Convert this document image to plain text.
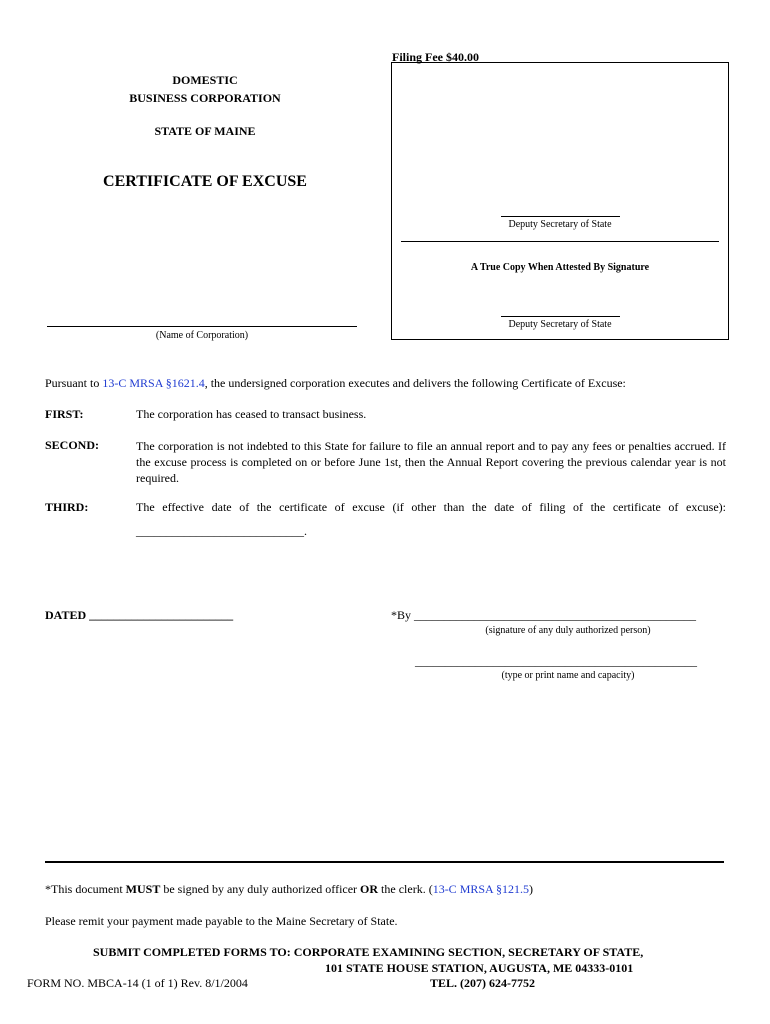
Filing Fee $40.00
DOMESTIC
BUSINESS CORPORATION
STATE OF MAINE
CERTIFICATE OF EXCUSE
Deputy Secretary of State
A True Copy When Attested By Signature
Deputy Secretary of State
(Name of Corporation)
Pursuant to 13-C MRSA §1621.4, the undersigned corporation executes and delivers the following Certificate of Excuse:
FIRST:	The corporation has ceased to transact business.
SECOND:	The corporation is not indebted to this State for failure to file an annual report and to pay any fees or penalties accrued. If the excuse process is completed on or before June 1st, then the Annual Report covering the previous calendar year is not required.
THIRD:	The effective date of the certificate of excuse (if other than the date of filing of the certificate of excuse):
____________________________.
DATED ________________________	*By _______________________________________________
(signature of any duly authorized person)
_______________________________________________
(type or print name and capacity)
*This document MUST be signed by any duly authorized officer OR the clerk. (13-C MRSA §121.5)
Please remit your payment made payable to the Maine Secretary of State.
SUBMIT COMPLETED FORMS TO: CORPORATE EXAMINING SECTION, SECRETARY OF STATE,
101 STATE HOUSE STATION, AUGUSTA, ME 04333-0101
TEL. (207) 624-7752
FORM NO. MBCA-14 (1 of 1) Rev. 8/1/2004
